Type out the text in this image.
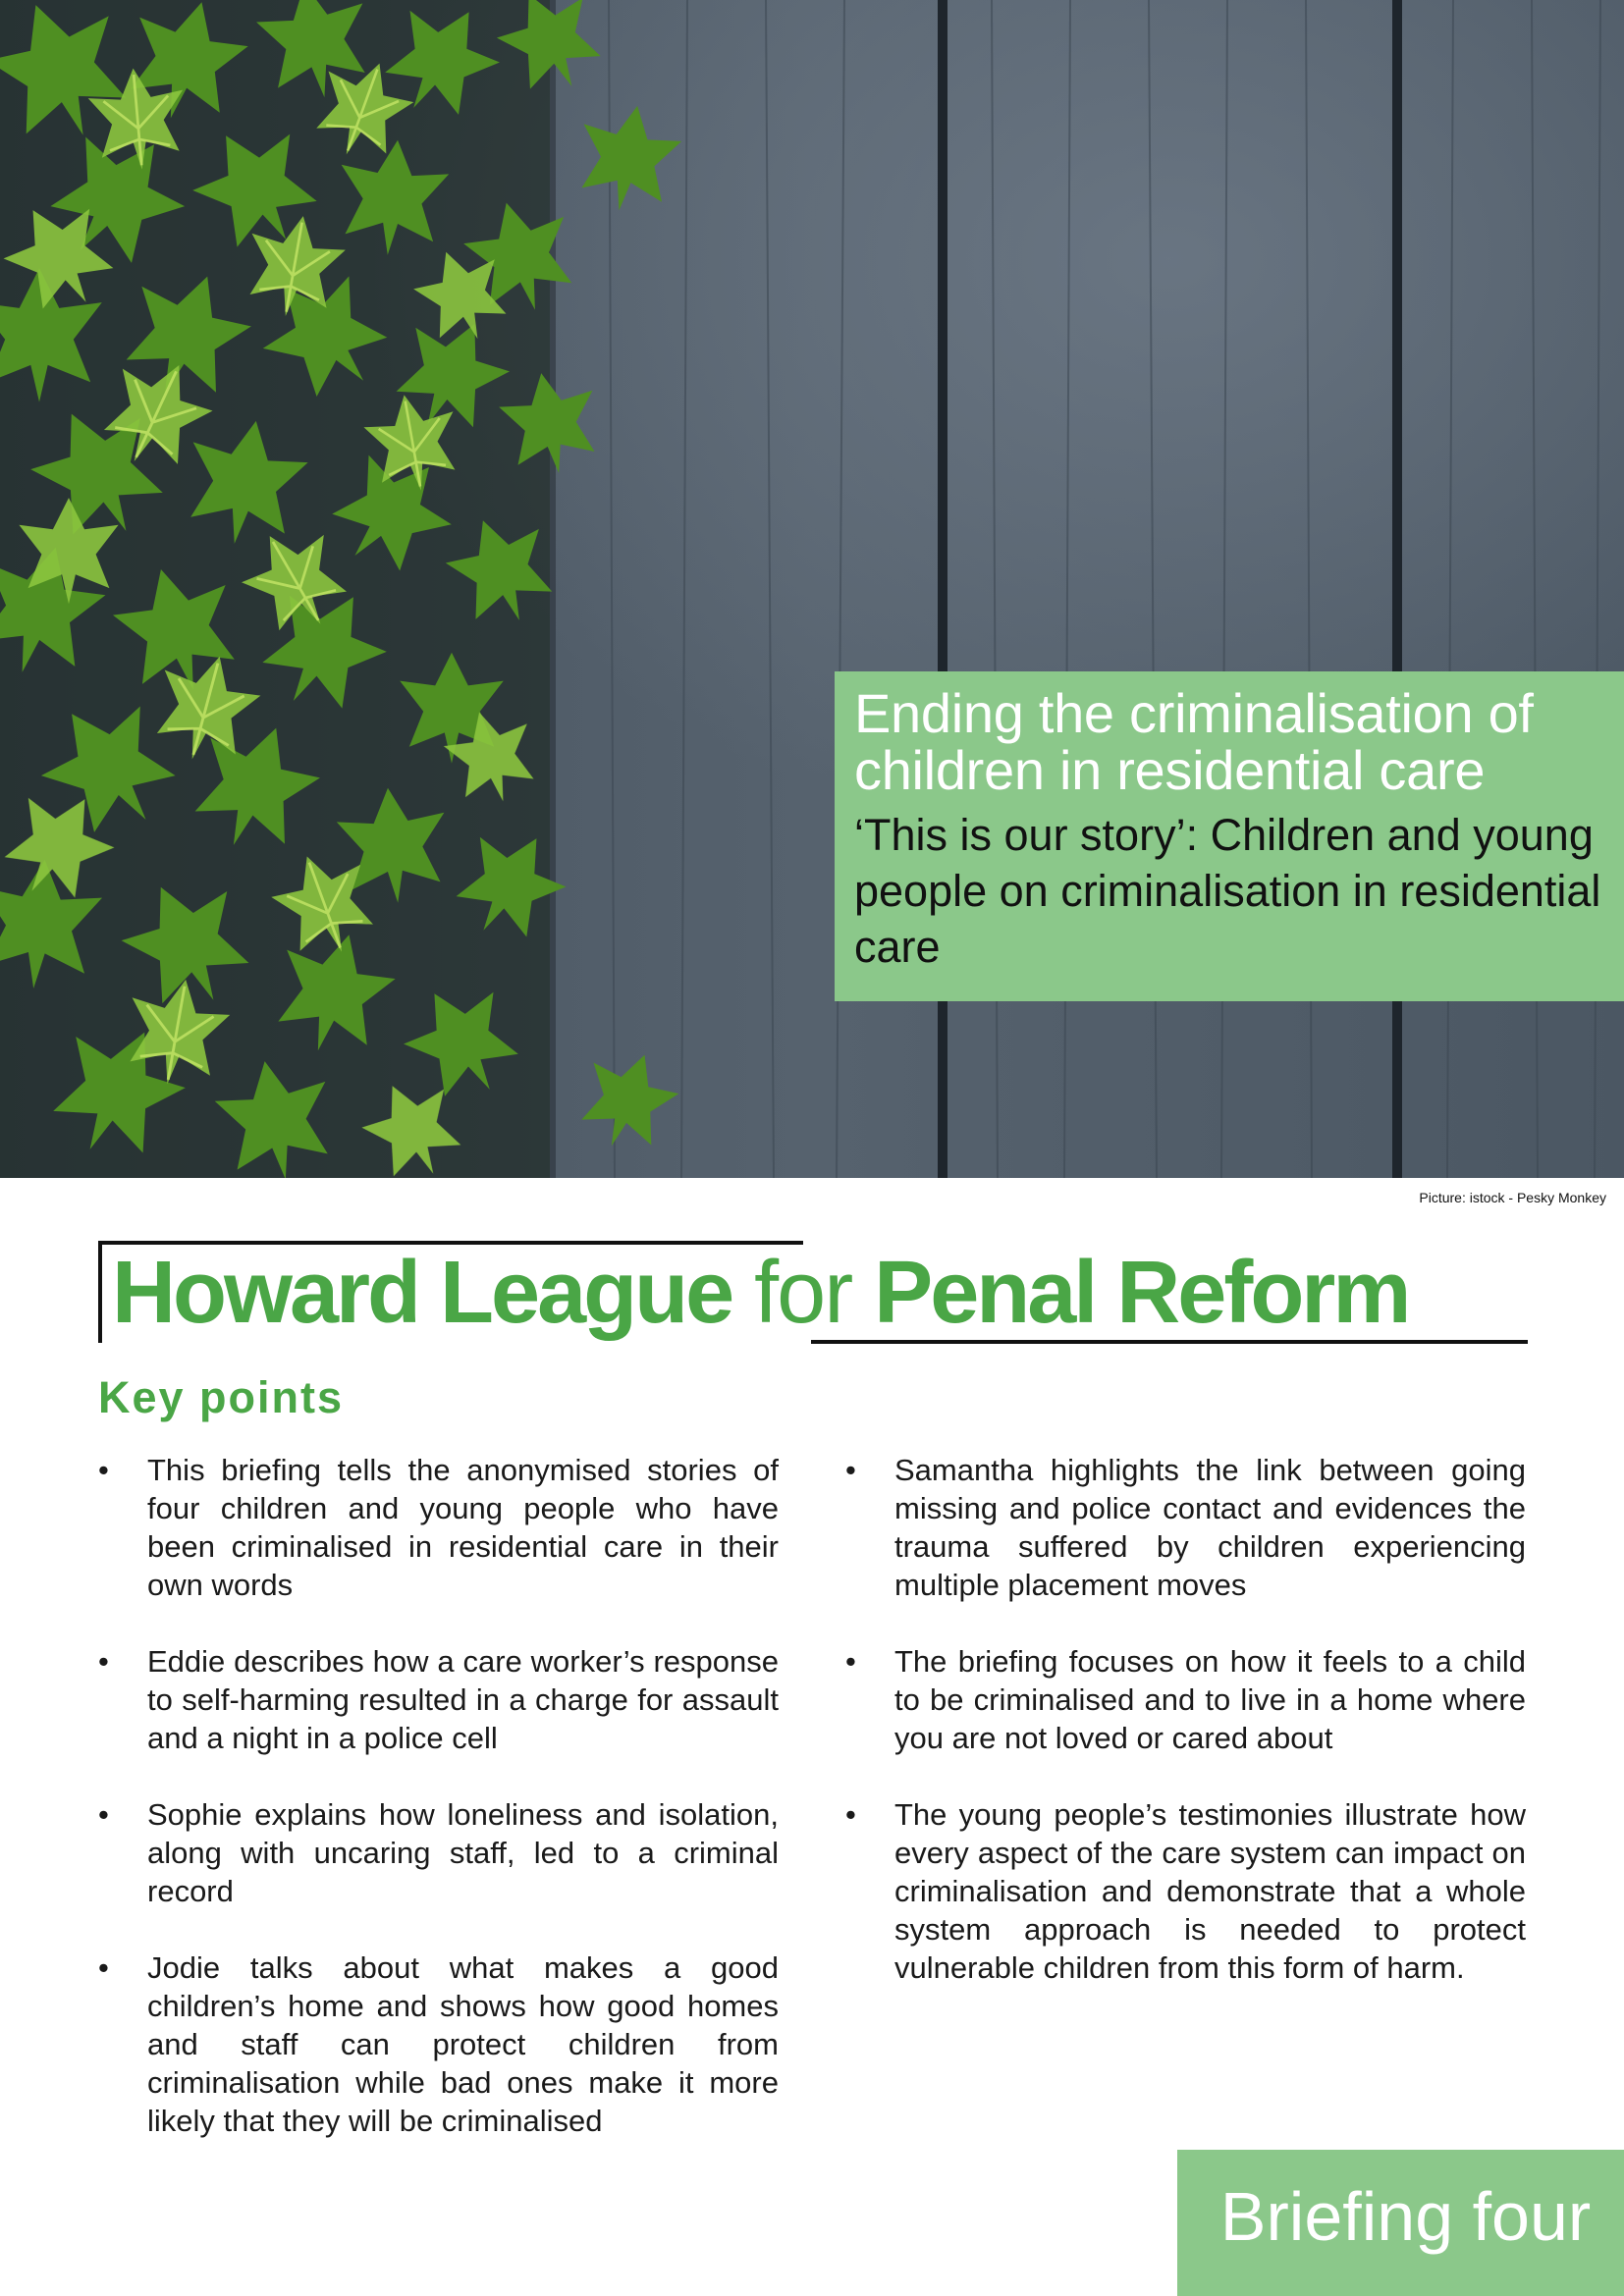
Ending the criminalisation of children in residential care

‘This is our story’: Children and young people on criminalisation in residential care

Picture: istock - Pesky Monkey
Howard League for Penal Reform
Key points
• This briefing tells the anonymised stories of four children and young people who have been criminalised in residential care in their own words
• Eddie describes how a care worker’s response to self-harming resulted in a charge for assault and a night in a police cell
• Sophie explains how loneliness and isolation, along with uncaring staff, led to a criminal record
• Jodie talks about what makes a good children’s home and shows how good homes and staff can protect children from criminalisation while bad ones make it more likely that they will be criminalised
• Samantha highlights the link between going missing and police contact and evidences the trauma suffered by children experiencing multiple placement moves
• The briefing focuses on how it feels to a child to be criminalised and to live in a home where you are not loved or cared about
• The young people’s testimonies illustrate how every aspect of the care system can impact on criminalisation and demonstrate that a whole system approach is needed to protect vulnerable children from this form of harm.
Briefing four
